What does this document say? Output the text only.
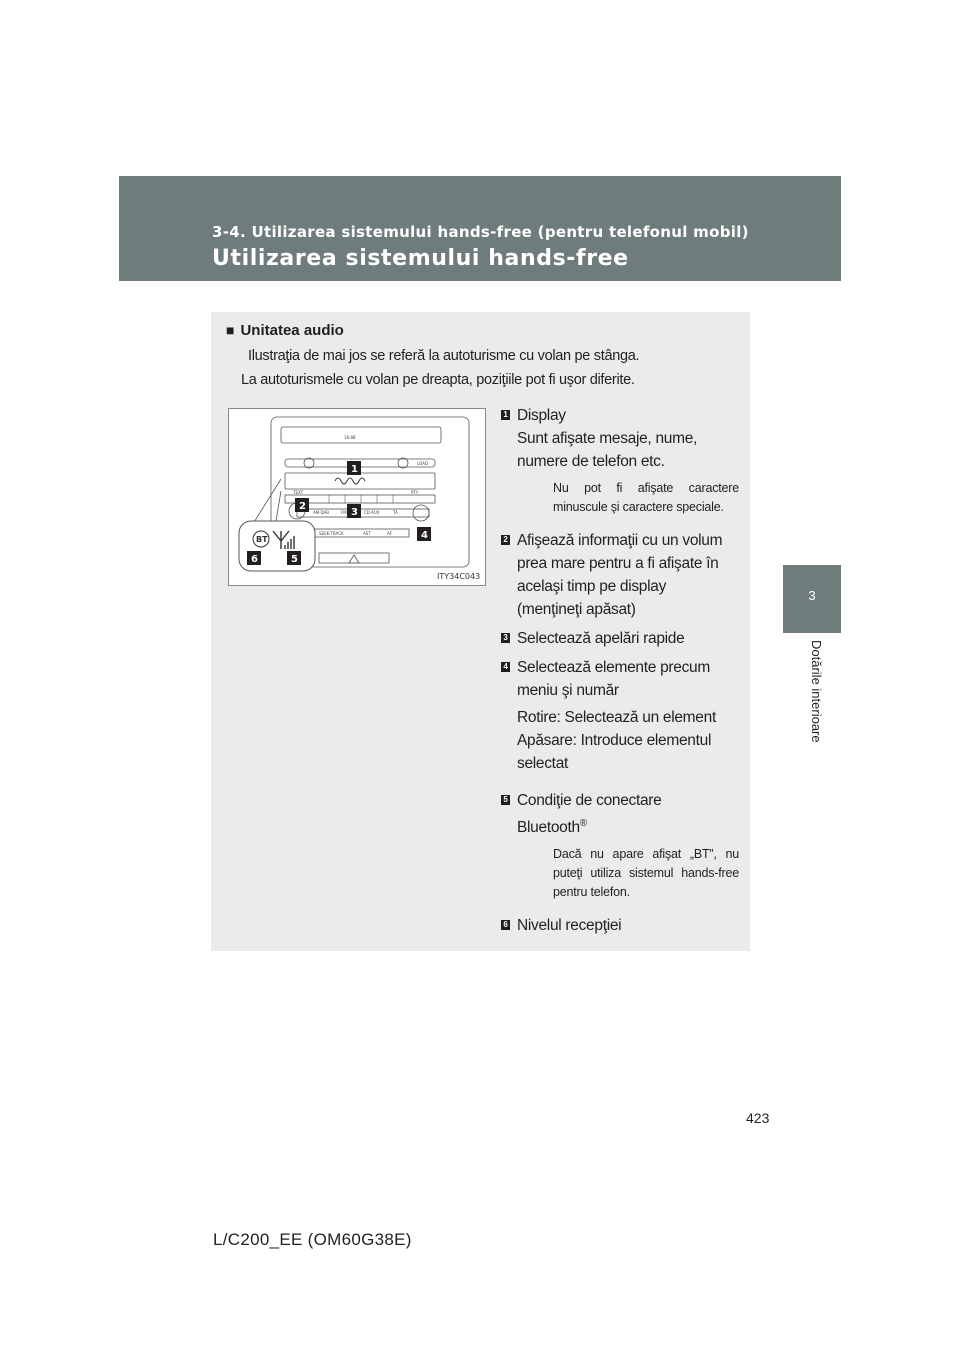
3-4. Utilizarea sistemului hands-free (pentru telefonul mobil)
Utilizarea sistemului hands-free
3
Dotările interioare
■ Unitatea audio
Ilustraţia de mai jos se referă la autoturisme cu volan pe stânga.
La autoturismele cu volan pe dreapta, poziţiile pot fi uşor diferite.
18:88
LOAD
TEXT	PTY
AM·DAB	FM	CD·AUX	TA
SEEK·TRACK	AST	AF
BT
1
2
3
4
5
6
ITY34C043
1 Display
Sunt afişate mesaje, nume,
numere de telefon etc.
Nu pot fi afişate caractere minuscule şi caractere speciale.
2 Afişează informaţii cu un volum
prea mare pentru a fi afişate în
acelaşi timp pe display
(menţineţi apăsat)
3 Selectează apelări rapide
4 Selectează elemente precum
meniu şi număr
Rotire: Selectează un element
Apăsare: Introduce elementul
selectat
5 Condiţie de conectare
Bluetooth®
Dacă nu apare afişat „BT”, nu puteţi utiliza sistemul hands-free pentru telefon.
6 Nivelul recepţiei
423
L/C200_EE (OM60G38E)
